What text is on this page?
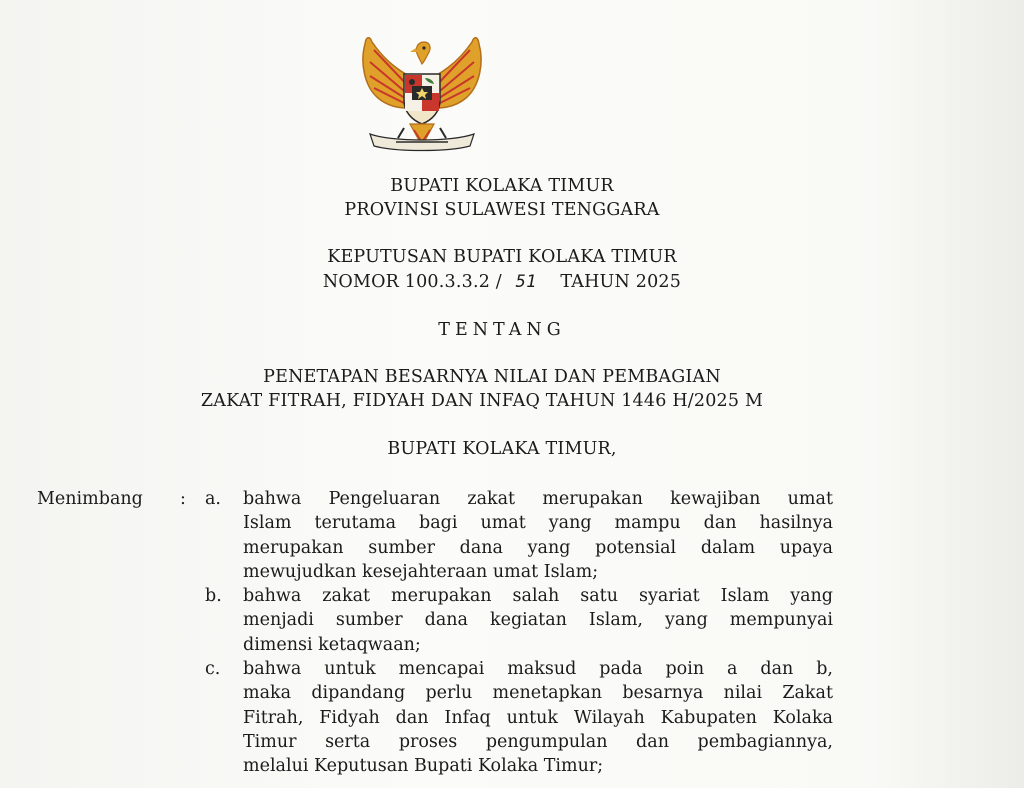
BUPATI KOLAKA TIMUR
PROVINSI SULAWESI TENGGARA
KEPUTUSAN BUPATI KOLAKA TIMUR
NOMOR 100.3.3.2 / 51 TAHUN 2025
TENTANG
PENETAPAN BESARNYA NILAI DAN PEMBAGIAN
ZAKAT FITRAH, FIDYAH DAN INFAQ TAHUN 1446 H/2025 M
BUPATI KOLAKA TIMUR,
Menimbang : a. bahwa Pengeluaran zakat merupakan kewajiban umat
Islam terutama bagi umat yang mampu dan hasilnya
merupakan sumber dana yang potensial dalam upaya
mewujudkan kesejahteraan umat Islam;
b. bahwa zakat merupakan salah satu syariat Islam yang
menjadi sumber dana kegiatan Islam, yang mempunyai
dimensi ketaqwaan;
c. bahwa untuk mencapai maksud pada poin a dan b,
maka dipandang perlu menetapkan besarnya nilai Zakat
Fitrah, Fidyah dan Infaq untuk Wilayah Kabupaten Kolaka
Timur serta proses pengumpulan dan pembagiannya,
melalui Keputusan Bupati Kolaka Timur;
